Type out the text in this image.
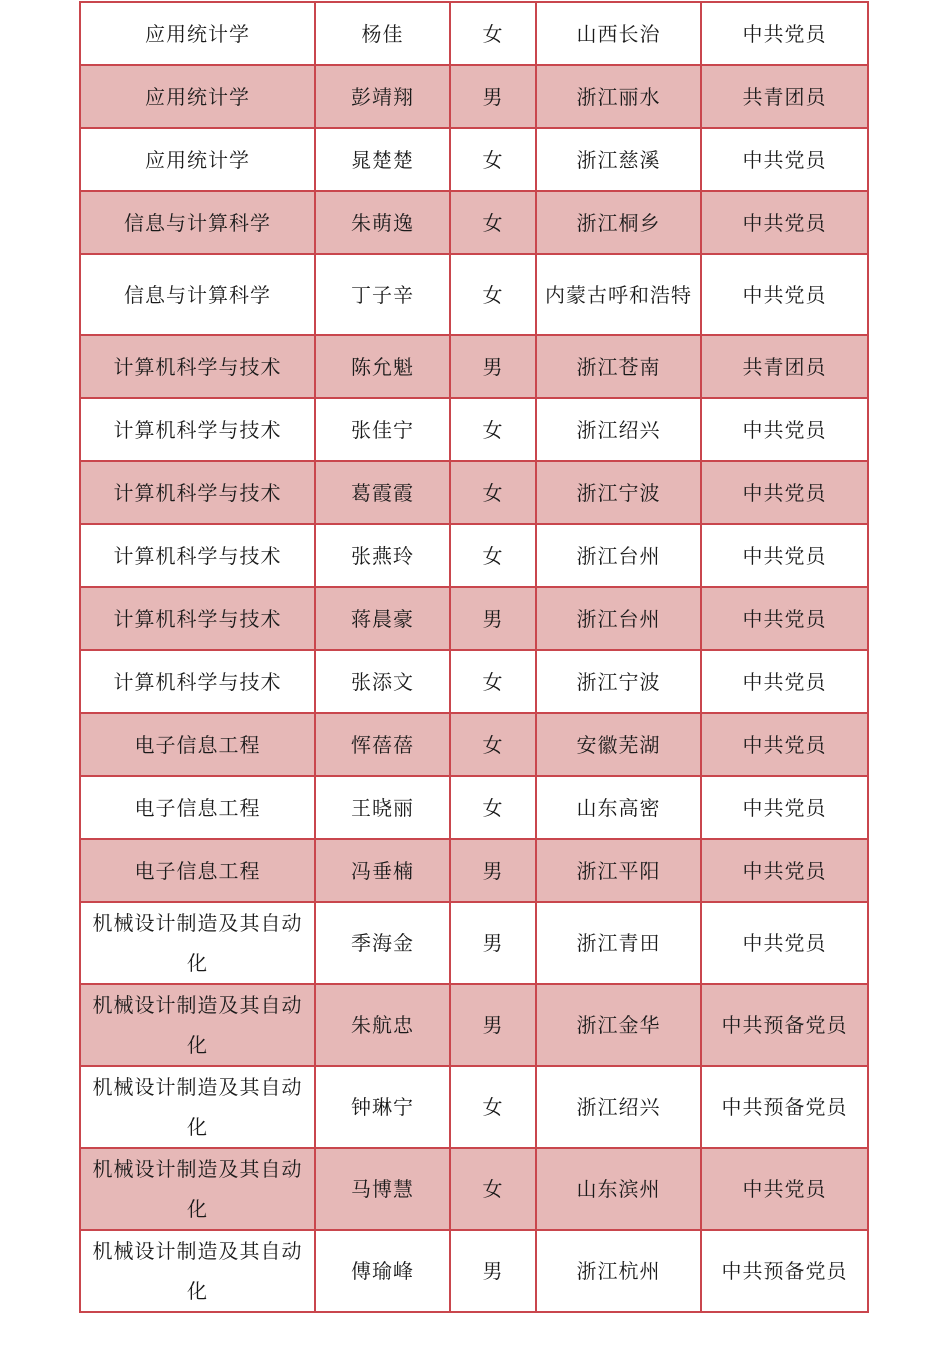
应用统计学	杨佳	女	山西长治	中共党员
应用统计学	彭靖翔	男	浙江丽水	共青团员
应用统计学	晁楚楚	女	浙江慈溪	中共党员
信息与计算科学	朱萌逸	女	浙江桐乡	中共党员
信息与计算科学	丁子辛	女	内蒙古呼和浩特	中共党员
计算机科学与技术	陈允魁	男	浙江苍南	共青团员
计算机科学与技术	张佳宁	女	浙江绍兴	中共党员
计算机科学与技术	葛霞霞	女	浙江宁波	中共党员
计算机科学与技术	张燕玲	女	浙江台州	中共党员
计算机科学与技术	蒋晨豪	男	浙江台州	中共党员
计算机科学与技术	张添文	女	浙江宁波	中共党员
电子信息工程	恽蓓蓓	女	安徽芜湖	中共党员
电子信息工程	王晓丽	女	山东高密	中共党员
电子信息工程	冯垂楠	男	浙江平阳	中共党员
机械设计制造及其自动化	季海金	男	浙江青田	中共党员
机械设计制造及其自动化	朱航忠	男	浙江金华	中共预备党员
机械设计制造及其自动化	钟琳宁	女	浙江绍兴	中共预备党员
机械设计制造及其自动化	马博慧	女	山东滨州	中共党员
机械设计制造及其自动化	傅瑜峰	男	浙江杭州	中共预备党员
